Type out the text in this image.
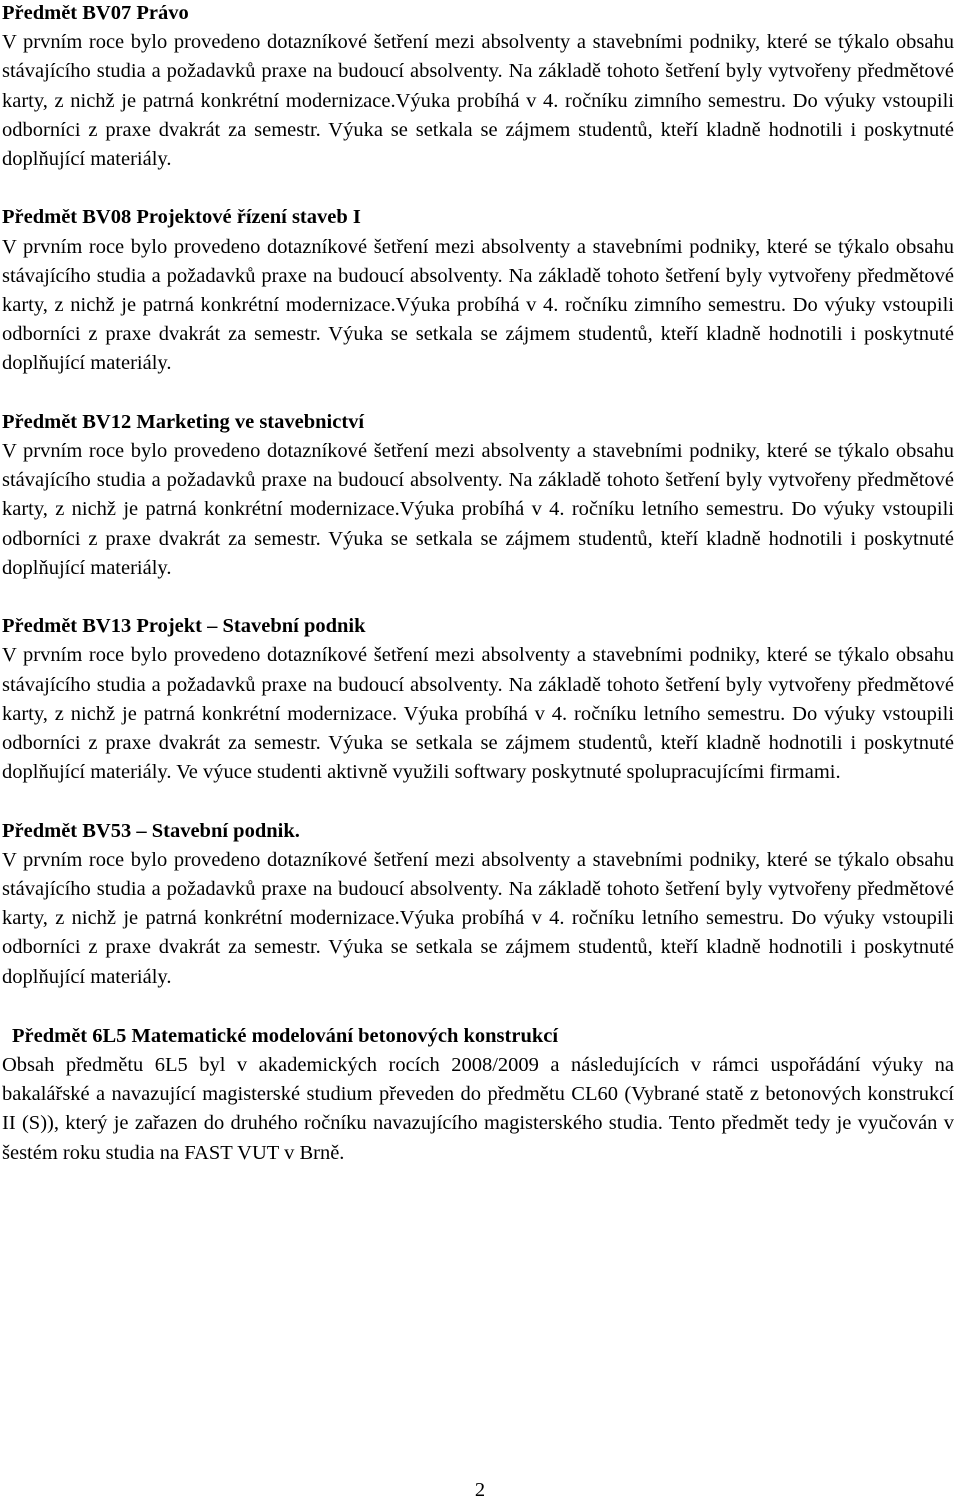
Předmět BV07 Právo

V prvním roce bylo provedeno dotazníkové šetření mezi absolventy a stavebními podniky, které se týkalo obsahu stávajícího studia a požadavků praxe na budoucí absolventy. Na základě tohoto šetření byly vytvořeny předmětové karty, z nichž je patrná konkrétní modernizace.Výuka probíhá v 4. ročníku zimního semestru. Do výuky vstoupili odborníci z praxe dvakrát za semestr. Výuka se setkala se zájmem studentů, kteří kladně hodnotili i poskytnuté doplňující materiály.

Předmět BV08 Projektové řízení staveb I

V prvním roce bylo provedeno dotazníkové šetření mezi absolventy a stavebními podniky, které se týkalo obsahu stávajícího studia a požadavků praxe na budoucí absolventy. Na základě tohoto šetření byly vytvořeny předmětové karty, z nichž je patrná konkrétní modernizace.Výuka probíhá v 4. ročníku zimního semestru. Do výuky vstoupili odborníci z praxe dvakrát za semestr. Výuka se setkala se zájmem studentů, kteří kladně hodnotili i poskytnuté doplňující materiály.

Předmět BV12 Marketing ve stavebnictví

V prvním roce bylo provedeno dotazníkové šetření mezi absolventy a stavebními podniky, které se týkalo obsahu stávajícího studia a požadavků praxe na budoucí absolventy. Na základě tohoto šetření byly vytvořeny předmětové karty, z nichž je patrná konkrétní modernizace.Výuka probíhá v 4. ročníku letního semestru. Do výuky vstoupili odborníci z praxe dvakrát za semestr. Výuka se setkala se zájmem studentů, kteří kladně hodnotili i poskytnuté doplňující materiály.

Předmět BV13 Projekt – Stavební podnik

V prvním roce bylo provedeno dotazníkové šetření mezi absolventy a stavebními podniky, které se týkalo obsahu stávajícího studia a požadavků praxe na budoucí absolventy. Na základě tohoto šetření byly vytvořeny předmětové karty, z nichž je patrná konkrétní modernizace. Výuka probíhá v 4. ročníku letního semestru. Do výuky vstoupili odborníci z praxe dvakrát za semestr. Výuka se setkala se zájmem studentů, kteří kladně hodnotili i poskytnuté doplňující materiály. Ve výuce studenti aktivně využili softwary poskytnuté spolupracujícími firmami.

Předmět BV53 – Stavební podnik.

V prvním roce bylo provedeno dotazníkové šetření mezi absolventy a stavebními podniky, které se týkalo obsahu stávajícího studia a požadavků praxe na budoucí absolventy. Na základě tohoto šetření byly vytvořeny předmětové karty, z nichž je patrná konkrétní modernizace.Výuka probíhá v 4. ročníku letního semestru. Do výuky vstoupili odborníci z praxe dvakrát za semestr. Výuka se setkala se zájmem studentů, kteří kladně hodnotili i poskytnuté doplňující materiály.

Předmět 6L5 Matematické modelování betonových konstrukcí

Obsah předmětu 6L5 byl v akademických rocích 2008/2009 a následujících v rámci uspořádání výuky na bakalářské a navazující magisterské studium převeden do předmětu CL60 (Vybrané statě z betonových konstrukcí II (S)), který je zařazen do druhého ročníku navazujícího magisterského studia. Tento předmět tedy je vyučován v šestém roku studia na FAST VUT v Brně.

2
